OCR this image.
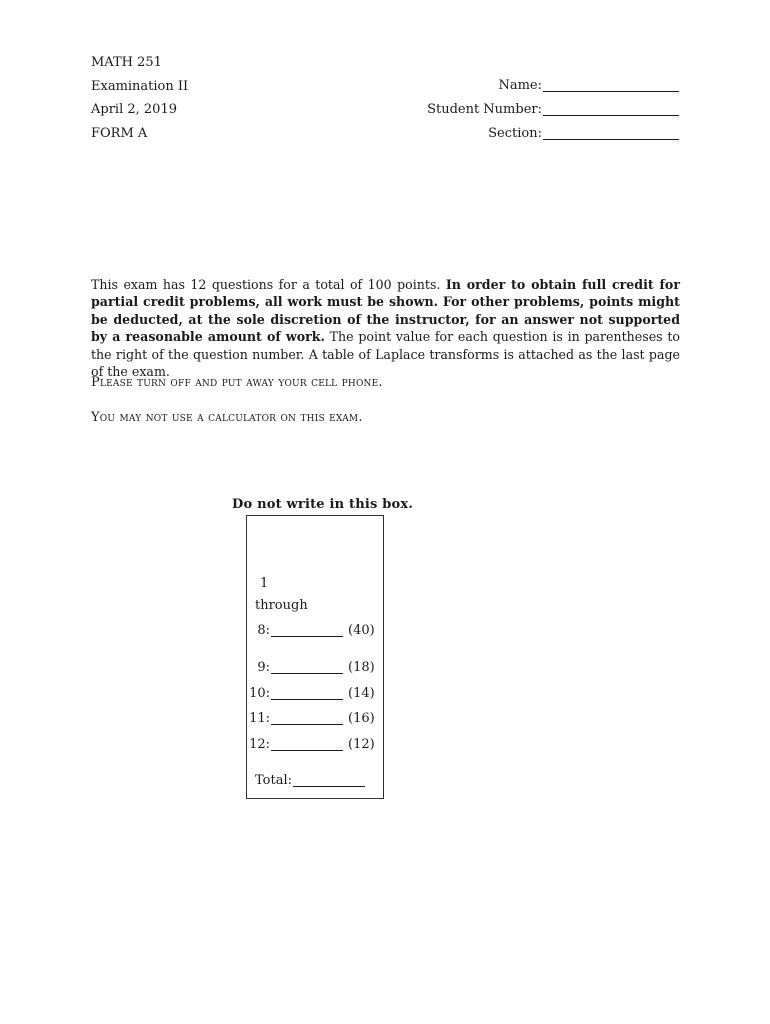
MATH 251
Examination II
April 2, 2019
FORM A
Name:
Student Number:
Section:
This exam has 12 questions for a total of 100 points. In order to obtain full credit for partial credit problems, all work must be shown. For other problems, points might be deducted, at the sole discretion of the instructor, for an answer not supported by a reasonable amount of work. The point value for each question is in parentheses to the right of the question number. A table of Laplace transforms is attached as the last page of the exam.
Please turn off and put away your cell phone.
You may not use a calculator on this exam.
Do not write in this box.
1
through
8:	(40)
9:	(18)
10:	(14)
11:	(16)
12:	(12)
Total:
